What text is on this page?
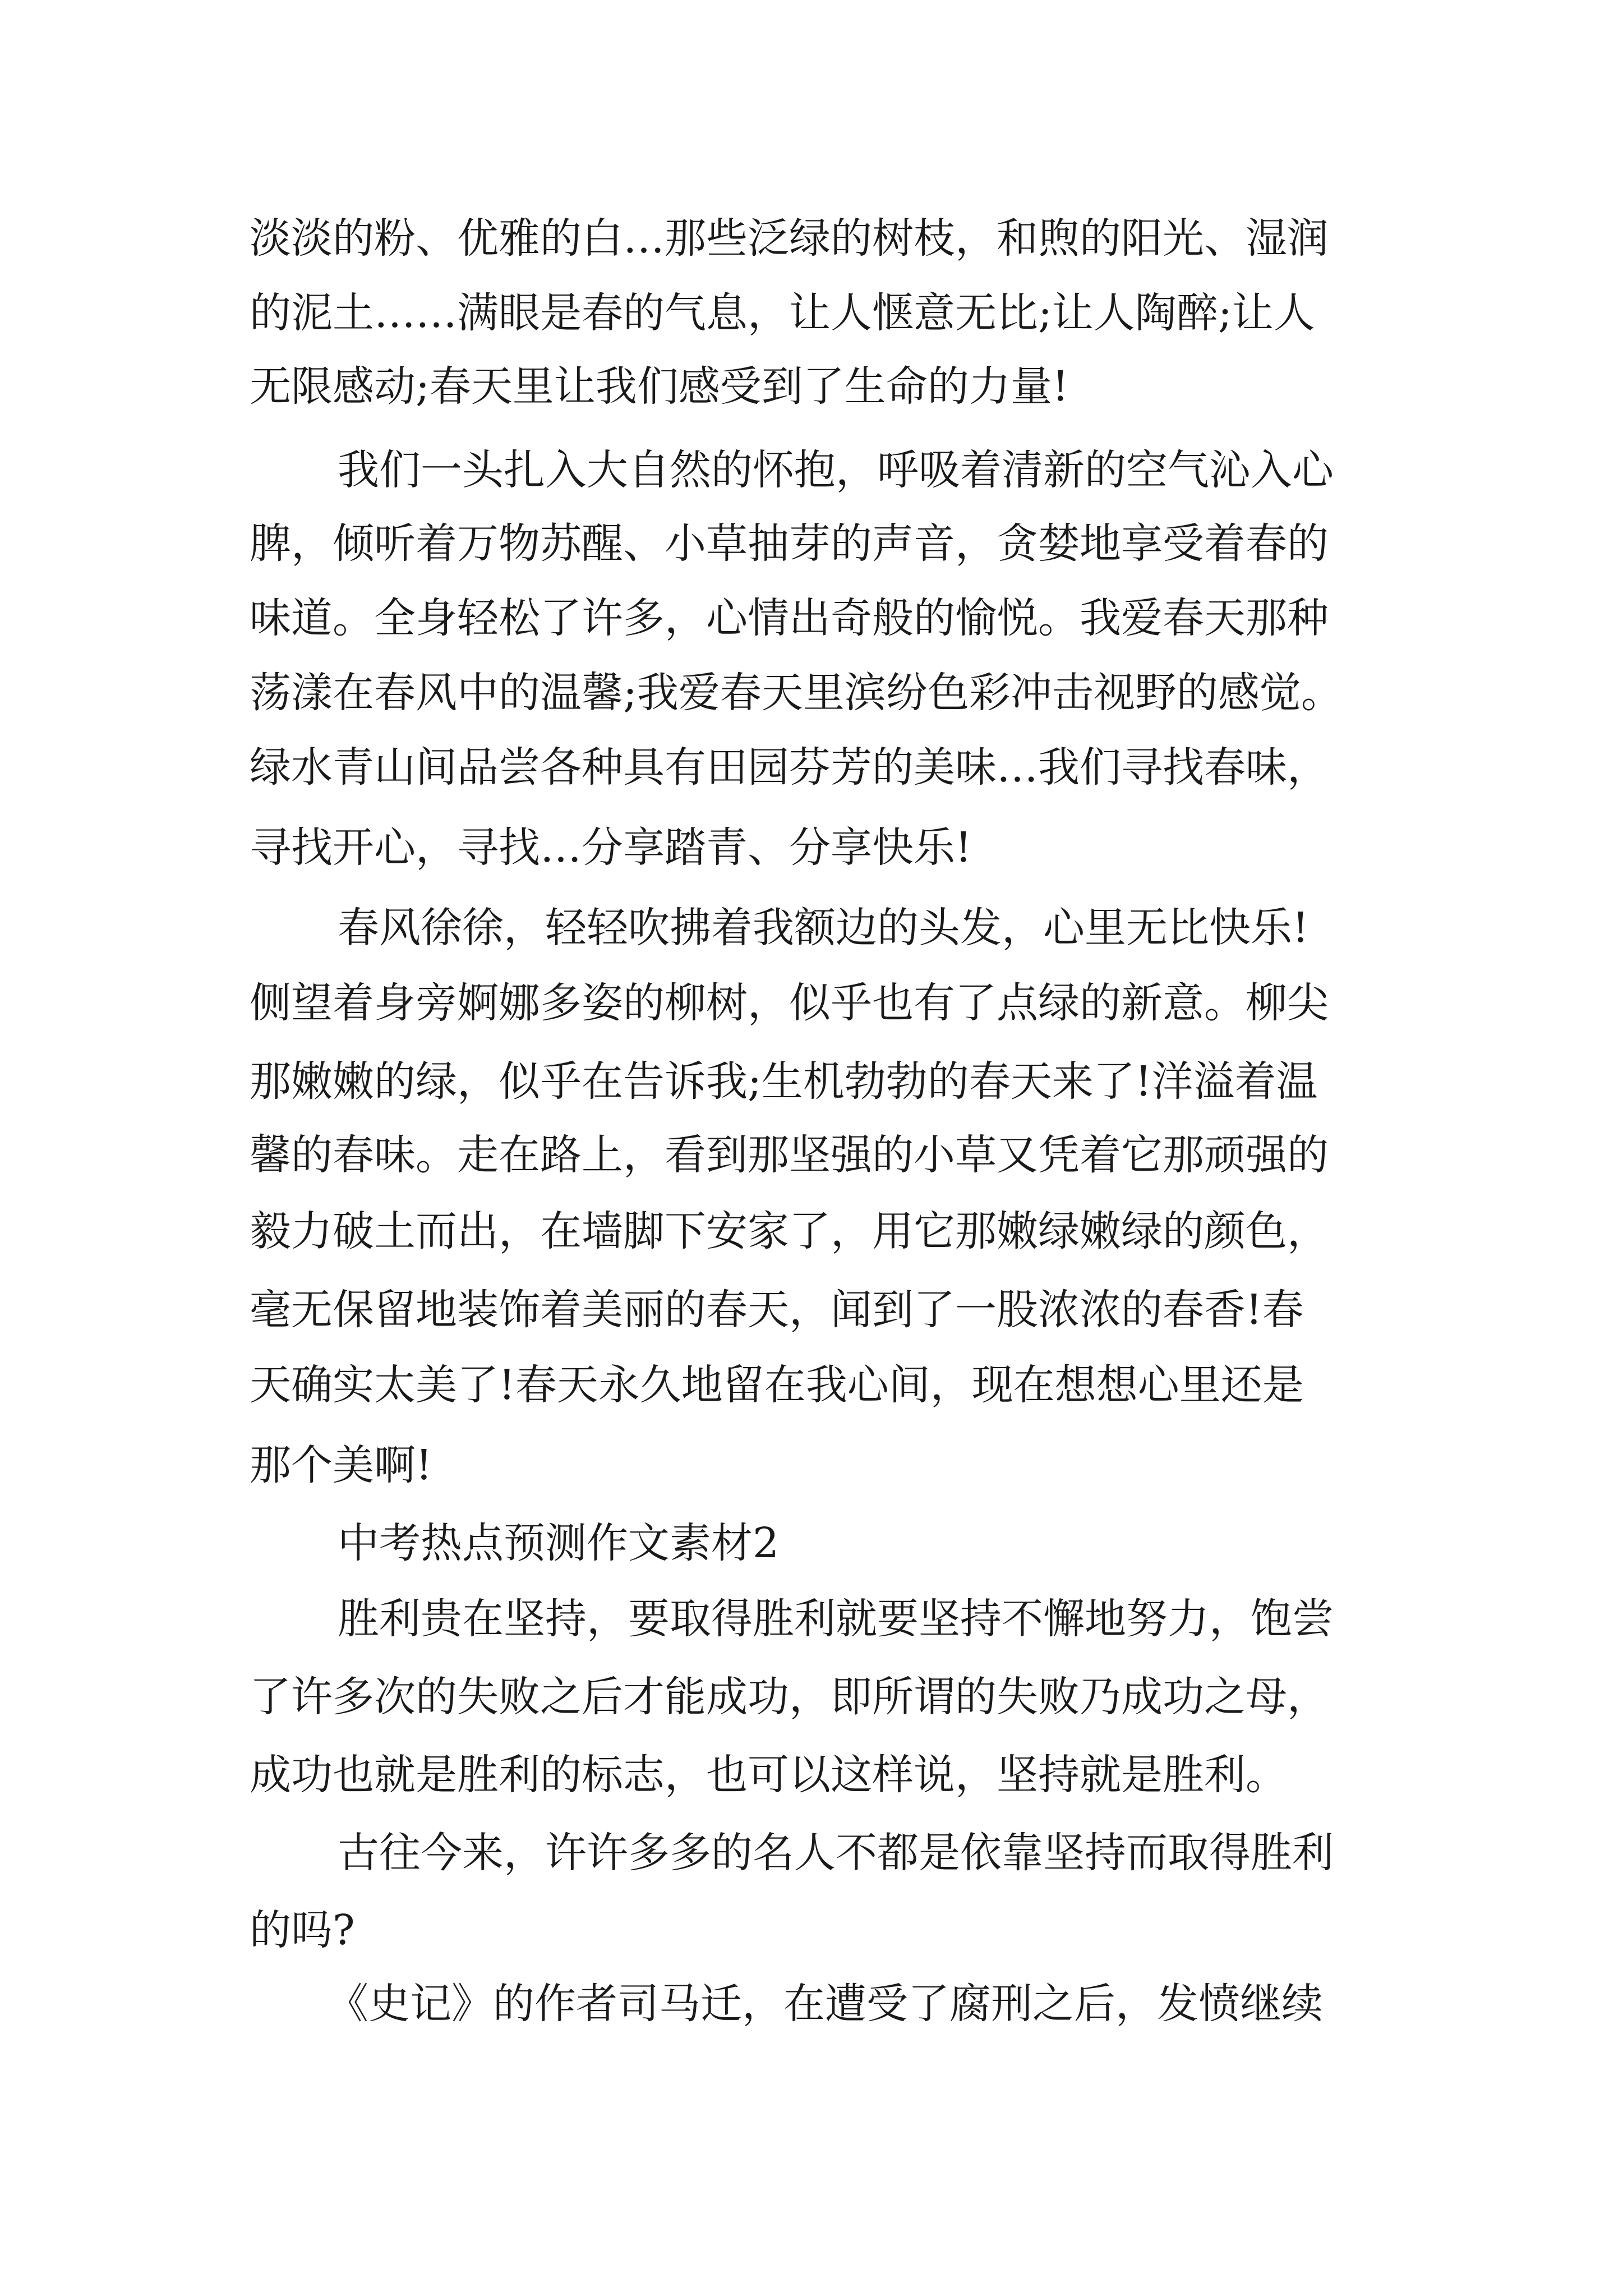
淡淡的粉、优雅的白…那些泛绿的树枝，和煦的阳光、湿润

的泥土……满眼是春的气息，让人惬意无比;让人陶醉;让人

无限感动;春天里让我们感受到了生命的力量!

我们一头扎入大自然的怀抱，呼吸着清新的空气沁入心

脾，倾听着万物苏醒、小草抽芽的声音，贪婪地享受着春的

味道。全身轻松了许多，心情出奇般的愉悦。我爱春天那种

荡漾在春风中的温馨;我爱春天里滨纷色彩冲击视野的感觉。

绿水青山间品尝各种具有田园芬芳的美味…我们寻找春味，

寻找开心，寻找…分享踏青、分享快乐!

春风徐徐，轻轻吹拂着我额边的头发，心里无比快乐!

侧望着身旁婀娜多姿的柳树，似乎也有了点绿的新意。柳尖

那嫩嫩的绿，似乎在告诉我;生机勃勃的春天来了!洋溢着温

馨的春味。走在路上，看到那坚强的小草又凭着它那顽强的

毅力破土而出，在墙脚下安家了，用它那嫩绿嫩绿的颜色，

毫无保留地装饰着美丽的春天，闻到了一股浓浓的春香!春

天确实太美了!春天永久地留在我心间，现在想想心里还是

那个美啊!

中考热点预测作文素材2

胜利贵在坚持，要取得胜利就要坚持不懈地努力，饱尝

了许多次的失败之后才能成功，即所谓的失败乃成功之母，

成功也就是胜利的标志，也可以这样说，坚持就是胜利。

古往今来，许许多多的名人不都是依靠坚持而取得胜利

的吗?

《史记》的作者司马迁，在遭受了腐刑之后，发愤继续
